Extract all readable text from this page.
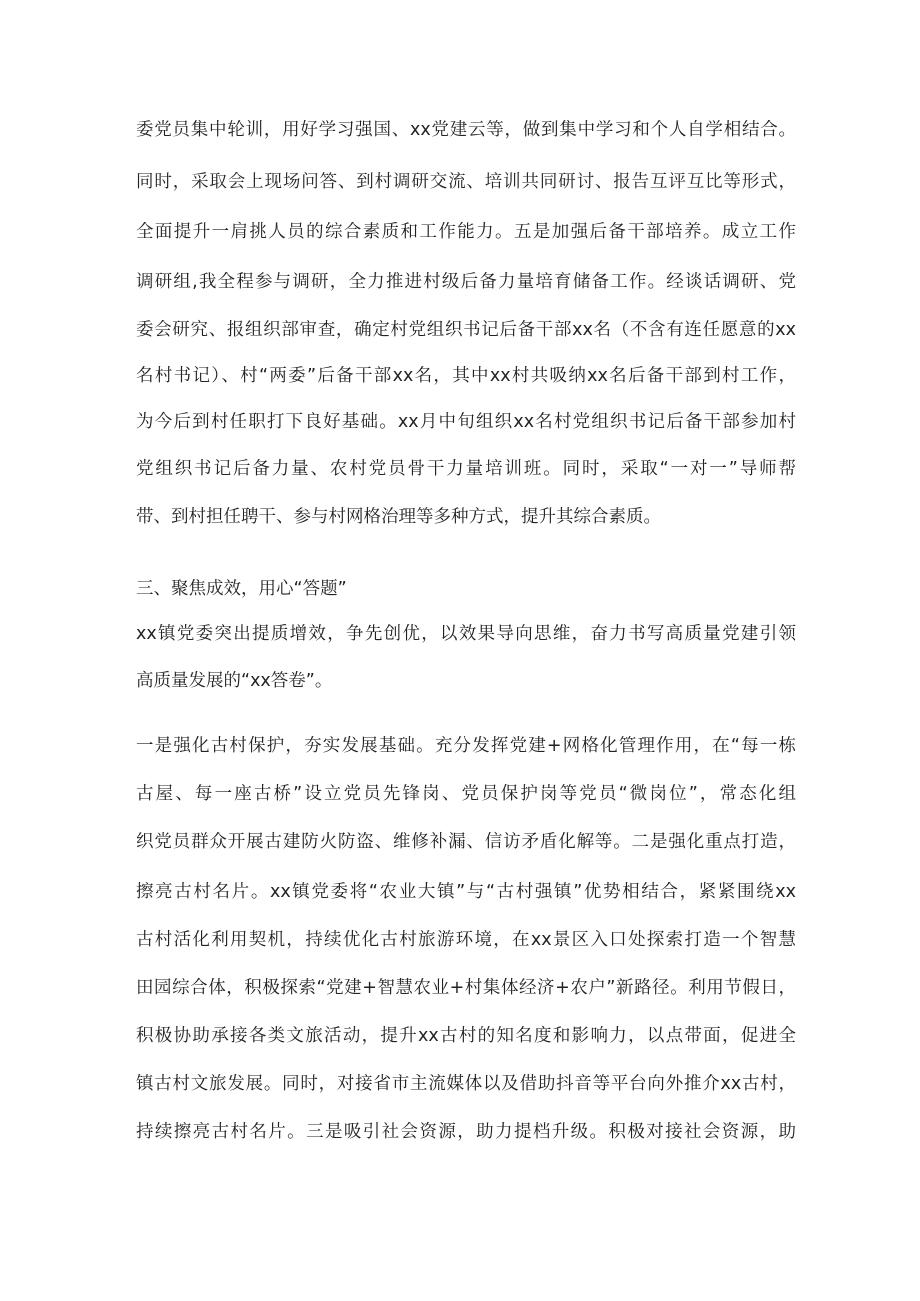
委党员集中轮训，用好学习强国、xx党建云等，做到集中学习和个人自学相结合。
同时，采取会上现场问答、到村调研交流、培训共同研讨、报告互评互比等形式，
全面提升一肩挑人员的综合素质和工作能力。五是加强后备干部培养。成立工作
调研组,我全程参与调研，全力推进村级后备力量培育储备工作。经谈话调研、党
委会研究、报组织部审查，确定村党组织书记后备干部xx名（不含有连任愿意的xx
名村书记）、村“两委”后备干部xx名，其中xx村共吸纳xx名后备干部到村工作，
为今后到村任职打下良好基础。xx月中旬组织xx名村党组织书记后备干部参加村
党组织书记后备力量、农村党员骨干力量培训班。同时，采取“一对一”导师帮
带、到村担任聘干、参与村网格治理等多种方式，提升其综合素质。
三、聚焦成效，用心“答题”
xx镇党委突出提质增效，争先创优，以效果导向思维，奋力书写高质量党建引领
高质量发展的“xx答卷”。
一是强化古村保护，夯实发展基础。充分发挥党建+网格化管理作用，在“每一栋
古屋、每一座古桥”设立党员先锋岗、党员保护岗等党员“微岗位”，常态化组
织党员群众开展古建防火防盗、维修补漏、信访矛盾化解等。二是强化重点打造，
擦亮古村名片。xx镇党委将“农业大镇”与“古村强镇”优势相结合，紧紧围绕xx
古村活化利用契机，持续优化古村旅游环境，在xx景区入口处探索打造一个智慧
田园综合体，积极探索“党建+智慧农业+村集体经济+农户”新路径。利用节假日，
积极协助承接各类文旅活动，提升xx古村的知名度和影响力，以点带面，促进全
镇古村文旅发展。同时，对接省市主流媒体以及借助抖音等平台向外推介xx古村，
持续擦亮古村名片。三是吸引社会资源，助力提档升级。积极对接社会资源，助
